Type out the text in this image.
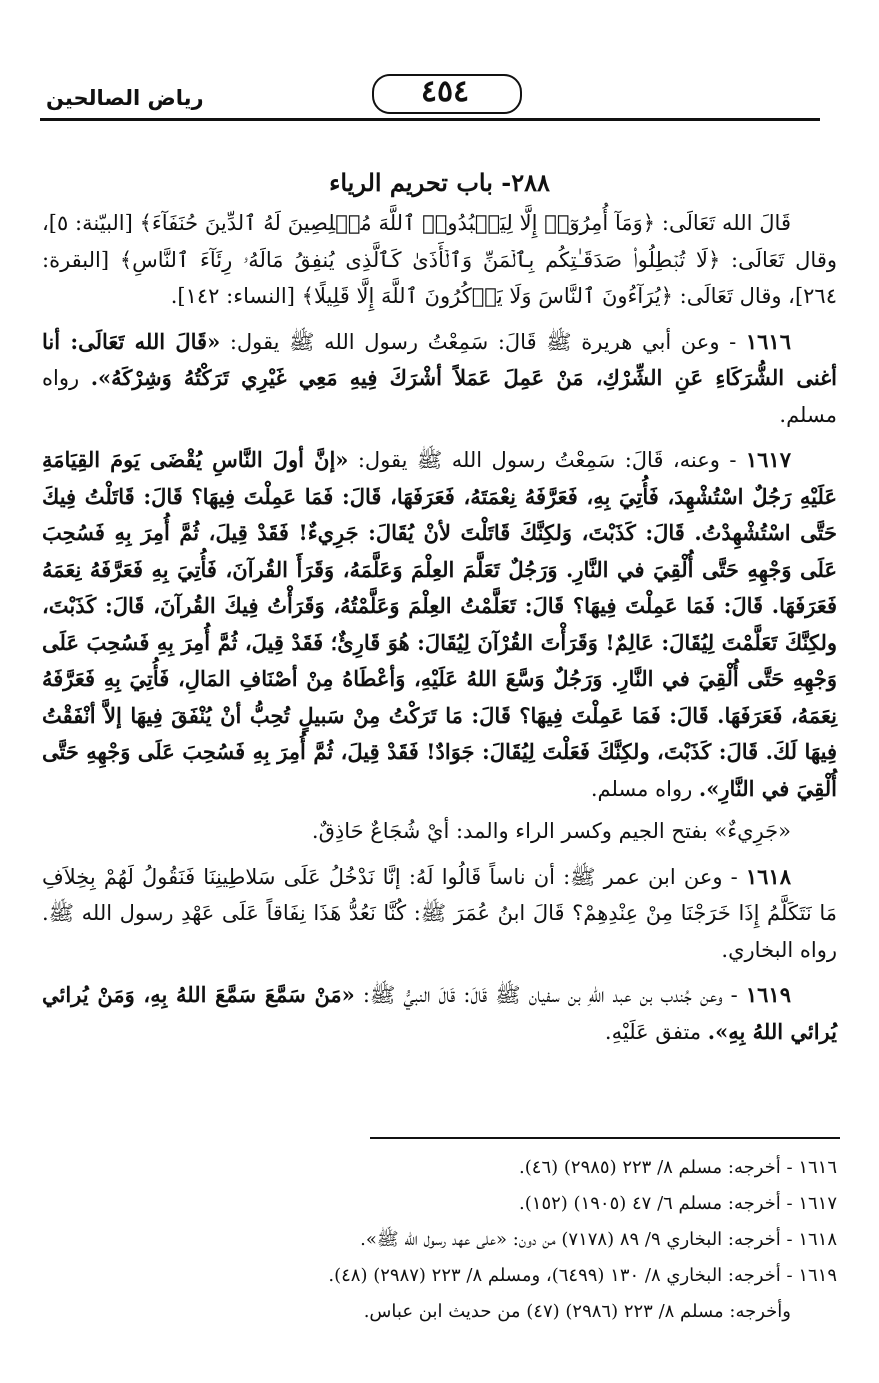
رياض الصالحين	٤٥٤
٢٨٨- باب تحريم الرياء

قَالَ الله تَعَالَى: ﴿وَمَآ أُمِرُوٓا۟ إِلَّا لِيَعۡبُدُوا۟ ٱللَّهَ مُخۡلِصِينَ لَهُ ٱلدِّينَ حُنَفَآءَ﴾ [البيّنة: ٥]، وقال تَعَالَى: ﴿لَا تُبۡطِلُوا۟ صَدَقَـٰتِكُم بِٱلۡمَنِّ وَٱلۡأَذَىٰ كَٱلَّذِى يُنفِقُ مَالَهُۥ رِئَآءَ ٱلنَّاسِ﴾ [البقرة: ٢٦٤]، وقال تَعَالَى: ﴿يُرَآءُونَ ٱلنَّاسَ وَلَا يَذۡكُرُونَ ٱللَّهَ إِلَّا قَلِيلًا﴾ [النساء: ١٤٢].

١٦١٦ - وعن أبي هريرة ﷺ قَالَ: سَمِعْتُ رسول الله ﷺ يقول: «قَالَ الله تَعَالَى: أنا أغنى الشُّرَكَاءِ عَنِ الشِّرْكِ، مَنْ عَمِلَ عَمَلاً أشْرَكَ فِيهِ مَعِي غَيْرِي تَرَكْتُهُ وَشِرْكَهُ». رواه مسلم.

١٦١٧ - وعنه، قَالَ: سَمِعْتُ رسول الله ﷺ يقول: «إنَّ أولَ النَّاسِ يُقْضَى يَومَ القِيَامَةِ عَلَيْهِ رَجُلٌ اسْتُشْهِدَ، فَأُتِيَ بِهِ، فَعَرَّفَهُ نِعْمَتَهُ، فَعَرَفَهَا، قَالَ: فَمَا عَمِلْتَ فِيهَا؟ قَالَ: قَاتَلْتُ فِيكَ حَتَّى اسْتُشْهِدْتُ. قَالَ: كَذَبْتَ، وَلكِنَّكَ قَاتَلْتَ لأنْ يُقَالَ: جَرِيءٌ! فَقَدْ قِيلَ، ثُمَّ أُمِرَ بِهِ فَسُحِبَ عَلَى وَجْهِهِ حَتَّى أُلْقِيَ في النَّارِ. وَرَجُلٌ تَعَلَّمَ العِلْمَ وَعَلَّمَهُ، وَقَرَأَ القُرآنَ، فَأُتِيَ بِهِ فَعَرَّفَهُ نِعَمَهُ فَعَرَفَهَا. قَالَ: فَمَا عَمِلْتَ فِيهَا؟ قَالَ: تَعَلَّمْتُ العِلْمَ وَعَلَّمْتُهُ، وَقَرَأْتُ فِيكَ القُرآنَ، قَالَ: كَذَبْتَ، ولكِنَّكَ تَعَلَّمْتَ لِيُقَالَ: عَالِمٌ! وَقَرَأْتَ القُرْآنَ لِيُقَالَ: هُوَ قَارِئٌ؛ فَقَدْ قِيلَ، ثُمَّ أُمِرَ بِهِ فَسُحِبَ عَلَى وَجْهِهِ حَتَّى أُلْقِيَ في النَّارِ. وَرَجُلٌ وَسَّعَ اللهُ عَلَيْهِ، وَأعْطَاهُ مِنْ أصْنَافِ المَالِ، فَأُتِيَ بِهِ فَعَرَّفَهُ نِعَمَهُ، فَعَرَفَهَا. قَالَ: فَمَا عَمِلْتَ فِيهَا؟ قَالَ: مَا تَرَكْتُ مِنْ سَبيلٍ تُحِبُّ أنْ يُنْفَقَ فِيهَا إلاَّ أنْفَقْتُ فِيهَا لَكَ. قَالَ: كَذَبْتَ، ولكِنَّكَ فَعَلْتَ لِيُقَالَ: جَوَادٌ! فَقَدْ قِيلَ، ثُمَّ أُمِرَ بِهِ فَسُحِبَ عَلَى وَجْهِهِ حَتَّى أُلْقِيَ في النَّارِ». رواه مسلم.

«جَرِيءٌ» بفتح الجيم وكسر الراء والمد: أيْ شُجَاعٌ حَاذِقٌ.

١٦١٨ - وعن ابن عمر ﷺ: أن ناساً قَالُوا لَهُ: إنَّا نَدْخُلُ عَلَى سَلاطِينِنَا فَنَقُولُ لَهُمْ بِخِلاَفِ مَا نَتَكَلَّمُ إِذَا خَرَجْنَا مِنْ عِنْدِهِمْ؟ قَالَ ابنُ عُمَرَ ﷺ: كُنَّا نَعُدُّ هَذَا نِفَاقاً عَلَى عَهْدِ رسول الله ﷺ. رواه البخاري.

١٦١٩ - وعن جُندب بن عبد اللهِ بن سفيان ﷺ قَالَ: قَالَ النبيُّ ﷺ: «مَنْ سَمَّعَ سَمَّعَ اللهُ بِهِ، وَمَنْ يُرائي يُرائي اللهُ بِهِ». متفق عَلَيْهِ.

١٦١٦ - أخرجه: مسلم ٨/ ٢٢٣ (٢٩٨٥) (٤٦).
١٦١٧ - أخرجه: مسلم ٦/ ٤٧ (١٩٠٥) (١٥٢).
١٦١٨ - أخرجه: البخاري ٩/ ٨٩ (٧١٧٨) من دون: «على عهد رسول الله ﷺ».
١٦١٩ - أخرجه: البخاري ٨/ ١٣٠ (٦٤٩٩)، ومسلم ٨/ ٢٢٣ (٢٩٨٧) (٤٨).
وأخرجه: مسلم ٨/ ٢٢٣ (٢٩٨٦) (٤٧) من حديث ابن عباس.
